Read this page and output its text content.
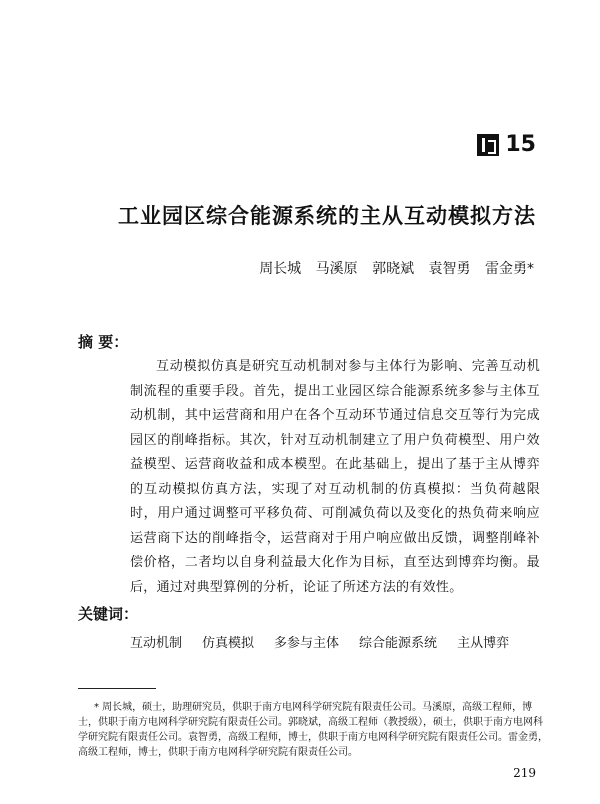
15
工业园区综合能源系统的主从互动模拟方法
周长城 马溪原 郭晓斌 袁智勇 雷金勇*
摘 要：
互动模拟仿真是研究互动机制对参与主体行为影响、完善互动机制流程的重要手段。首先，提出工业园区综合能源系统多参与主体互动机制，其中运营商和用户在各个互动环节通过信息交互等行为完成园区的削峰指标。其次，针对互动机制建立了用户负荷模型、用户效益模型、运营商收益和成本模型。在此基础上，提出了基于主从博弈的互动模拟仿真方法，实现了对互动机制的仿真模拟：当负荷越限时，用户通过调整可平移负荷、可削减负荷以及变化的热负荷来响应运营商下达的削峰指令，运营商对于用户响应做出反馈，调整削峰补偿价格，二者均以自身利益最大化作为目标，直至达到博弈均衡。最后，通过对典型算例的分析，论证了所述方法的有效性。
关键词：
互动机制 仿真模拟 多参与主体 综合能源系统 主从博弈
* 周长城，硕士，助理研究员，供职于南方电网科学研究院有限责任公司。马溪原，高级工程师，博士，供职于南方电网科学研究院有限责任公司。郭晓斌，高级工程师（教授级），硕士，供职于南方电网科学研究院有限责任公司。袁智勇，高级工程师，博士，供职于南方电网科学研究院有限责任公司。雷金勇，高级工程师，博士，供职于南方电网科学研究院有限责任公司。
219
